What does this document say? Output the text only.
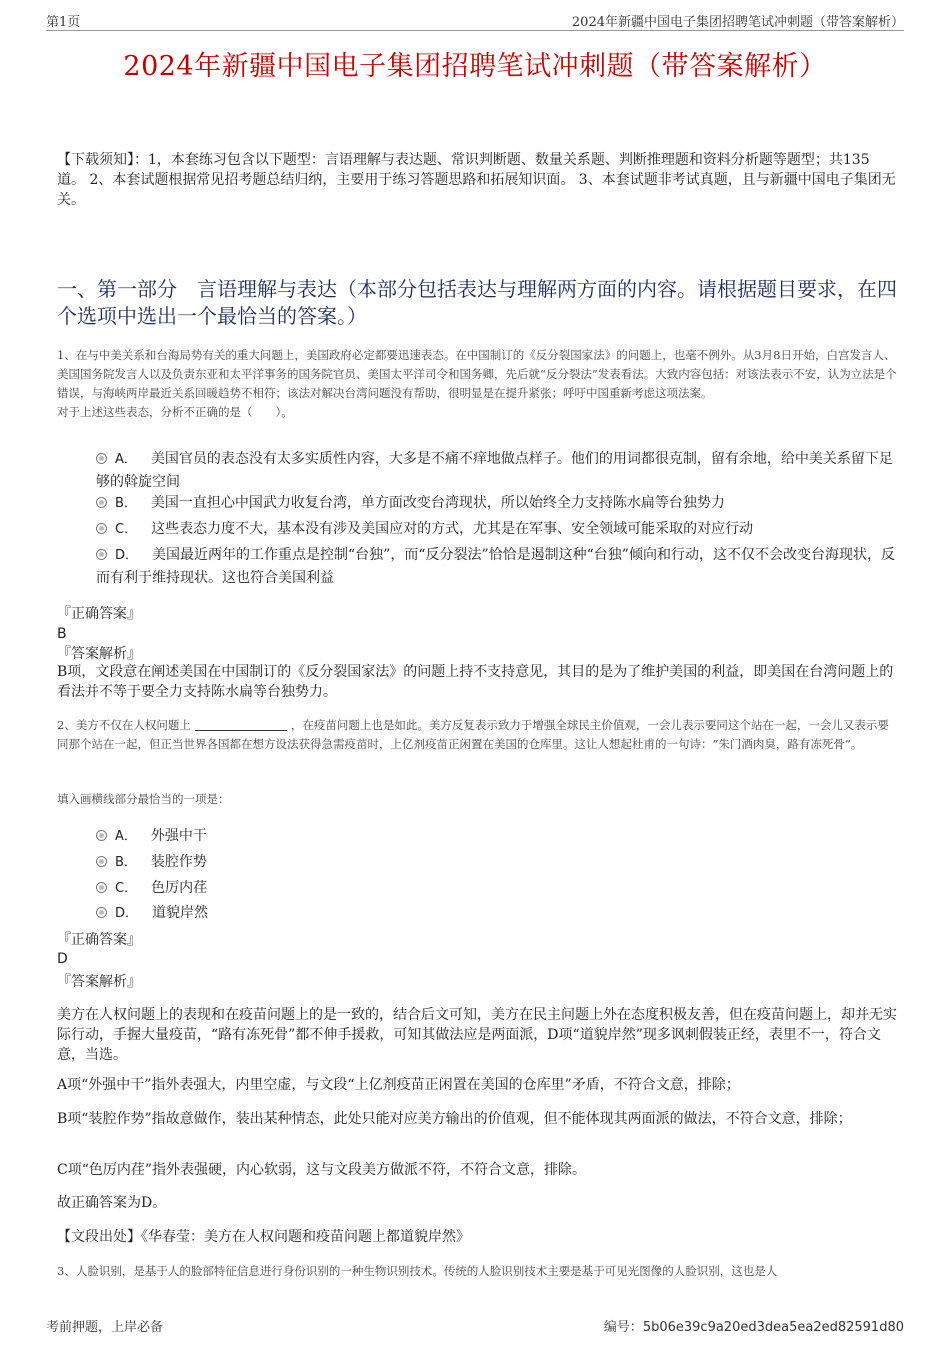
第1页	2024年新疆中国电子集团招聘笔试冲刺题（带答案解析）
2024年新疆中国电子集团招聘笔试冲刺题（带答案解析）
【下载须知】：1，本套练习包含以下题型：言语理解与表达题、常识判断题、数量关系题、判断推理题和资料分析题等题型；共135道。 2、本套试题根据常见招考题总结归纳，主要用于练习答题思路和拓展知识面。 3、本套试题非考试真题，且与新疆中国电子集团无关。
一、第一部分　言语理解与表达（本部分包括表达与理解两方面的内容。请根据题目要求，在四个选项中选出一个最恰当的答案。）
1、在与中美关系和台海局势有关的重大问题上，美国政府必定都要迅速表态。在中国制订的《反分裂国家法》的问题上，也毫不例外。从3月8日开始，白宫发言人、美国国务院发言人以及负责东亚和太平洋事务的国务院官员、美国太平洋司令和国务卿，先后就“反分裂法”发表看法。大致内容包括：对该法表示不安，认为立法是个错误，与海峡两岸最近关系回暖趋势不相符；该法对解决台湾问题没有帮助，很明显是在提升紧张；呼吁中国重新考虑这项法案。
对于上述这些表态，分析不正确的是（　　）。
A． 美国官员的表态没有太多实质性内容，大多是不痛不痒地做点样子。他们的用词都很克制，留有余地，给中美关系留下足够的斡旋空间
B． 美国一直担心中国武力收复台湾，单方面改变台湾现状，所以始终全力支持陈水扁等台独势力
C． 这些表态力度不大，基本没有涉及美国应对的方式，尤其是在军事、安全领域可能采取的对应行动
D． 美国最近两年的工作重点是控制“台独”，而“反分裂法”恰恰是遏制这种“台独”倾向和行动，这不仅不会改变台海现状，反而有利于维持现状。这也符合美国利益
『正确答案』
B
『答案解析』
B项，文段意在阐述美国在中国制订的《反分裂国家法》的问题上持不支持意见，其目的是为了维护美国的利益，即美国在台湾问题上的看法并不等于要全力支持陈水扁等台独势力。
2、美方不仅在人权问题上	，在疫苗问题上也是如此。美方反复表示致力于增强全球民主价值观，一会儿表示要同这个站在一起，一会儿又表示要同那个站在一起，但正当世界各国都在想方设法获得急需疫苗时，上亿剂疫苗正闲置在美国的仓库里。这让人想起杜甫的一句诗：“朱门酒肉臭，路有冻死骨”。
填入画横线部分最恰当的一项是：
A． 外强中干
B． 装腔作势
C． 色厉内荏
D． 道貌岸然
『正确答案』
D
『答案解析』
美方在人权问题上的表现和在疫苗问题上的是一致的，结合后文可知，美方在民主问题上外在态度积极友善，但在疫苗问题上，却并无实际行动，手握大量疫苗，“路有冻死骨”都不伸手援救，可知其做法应是两面派，D项“道貌岸然”现多讽刺假装正经，表里不一，符合文意，当选。
A项“外强中干”指外表强大，内里空虚，与文段“上亿剂疫苗正闲置在美国的仓库里”矛盾，不符合文意，排除；
B项“装腔作势”指故意做作，装出某种情态，此处只能对应美方输出的价值观，但不能体现其两面派的做法，不符合文意，排除；
C项“色厉内荏”指外表强硬，内心软弱，这与文段美方做派不符，不符合文意，排除。
故正确答案为D。
【文段出处】《华春莹：美方在人权问题和疫苗问题上都道貌岸然》
3、人脸识别，是基于人的脸部特征信息进行身份识别的一种生物识别技术。传统的人脸识别技术主要是基于可见光图像的人脸识别，这也是人
考前押题，上岸必备	编号：5b06e39c9a20ed3dea5ea2ed82591d80
